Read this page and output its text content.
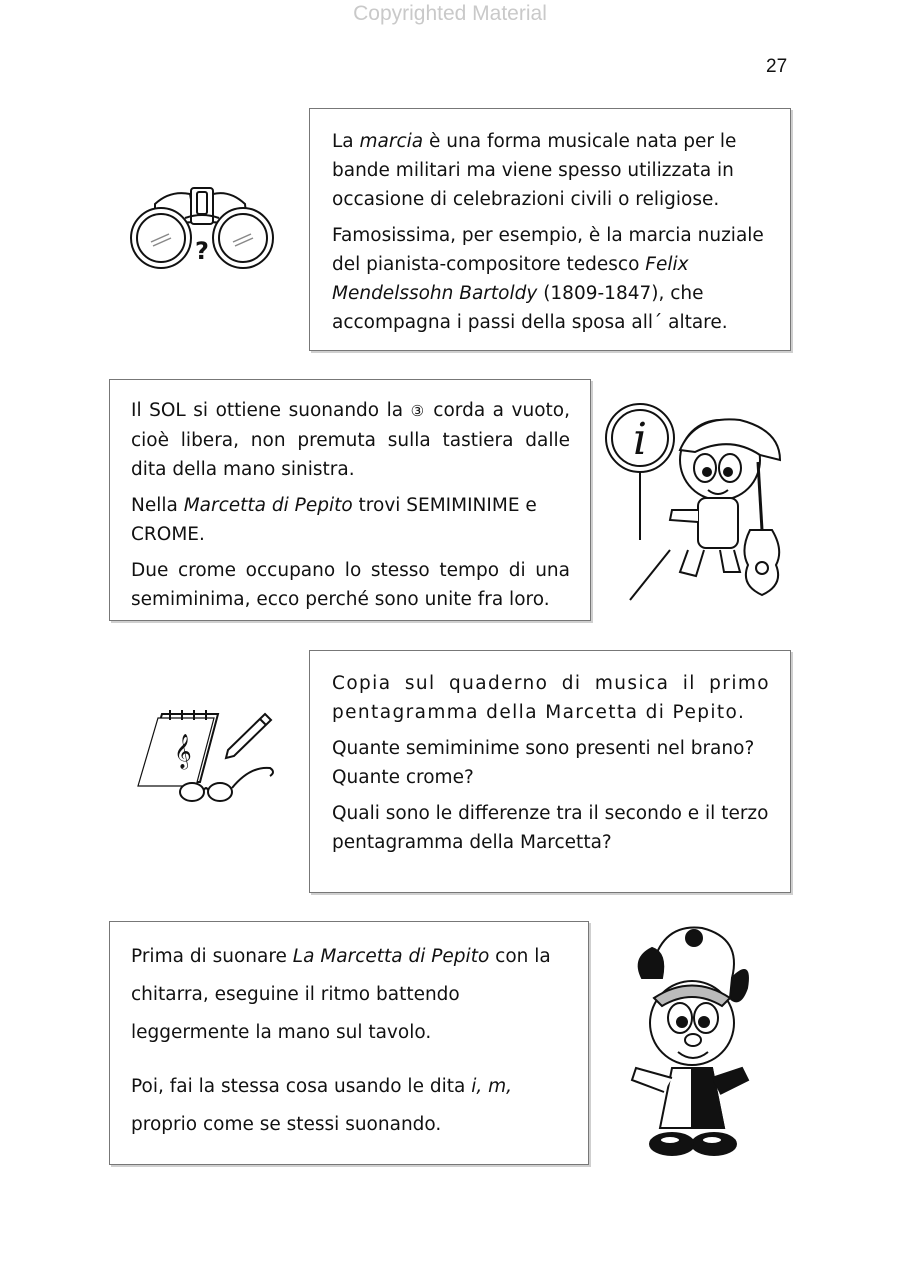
Copyrighted Material
27

La marcia è una forma musicale nata per le bande militari ma viene spesso utilizzata in occasione di celebrazioni civili o religiose.

Famosissima, per esempio, è la marcia nuziale del pianista-compositore tedesco Felix Mendelssohn Bartoldy (1809-1847), che accompagna i passi della sposa all´ altare.

?

Il SOL si ottiene suonando la ③ corda a vuoto, cioè libera, non premuta sulla tastiera dalle dita della mano sinistra.

Nella Marcetta di Pepito trovi SEMIMINIME e CROME.

Due crome occupano lo stesso tempo di una semiminima, ecco perché sono unite fra loro.

i

Copia sul quaderno di musica il primo pentagramma della Marcetta di Pepito.

Quante semiminime sono presenti nel brano? Quante crome?

Quali sono le differenze tra il secondo e il terzo pentagramma della Marcetta?

𝄞

Prima di suonare La Marcetta di Pepito con la chitarra, eseguine il ritmo battendo leggermente la mano sul tavolo.

Poi, fai la stessa cosa usando le dita i, m, proprio come se stessi suonando.
